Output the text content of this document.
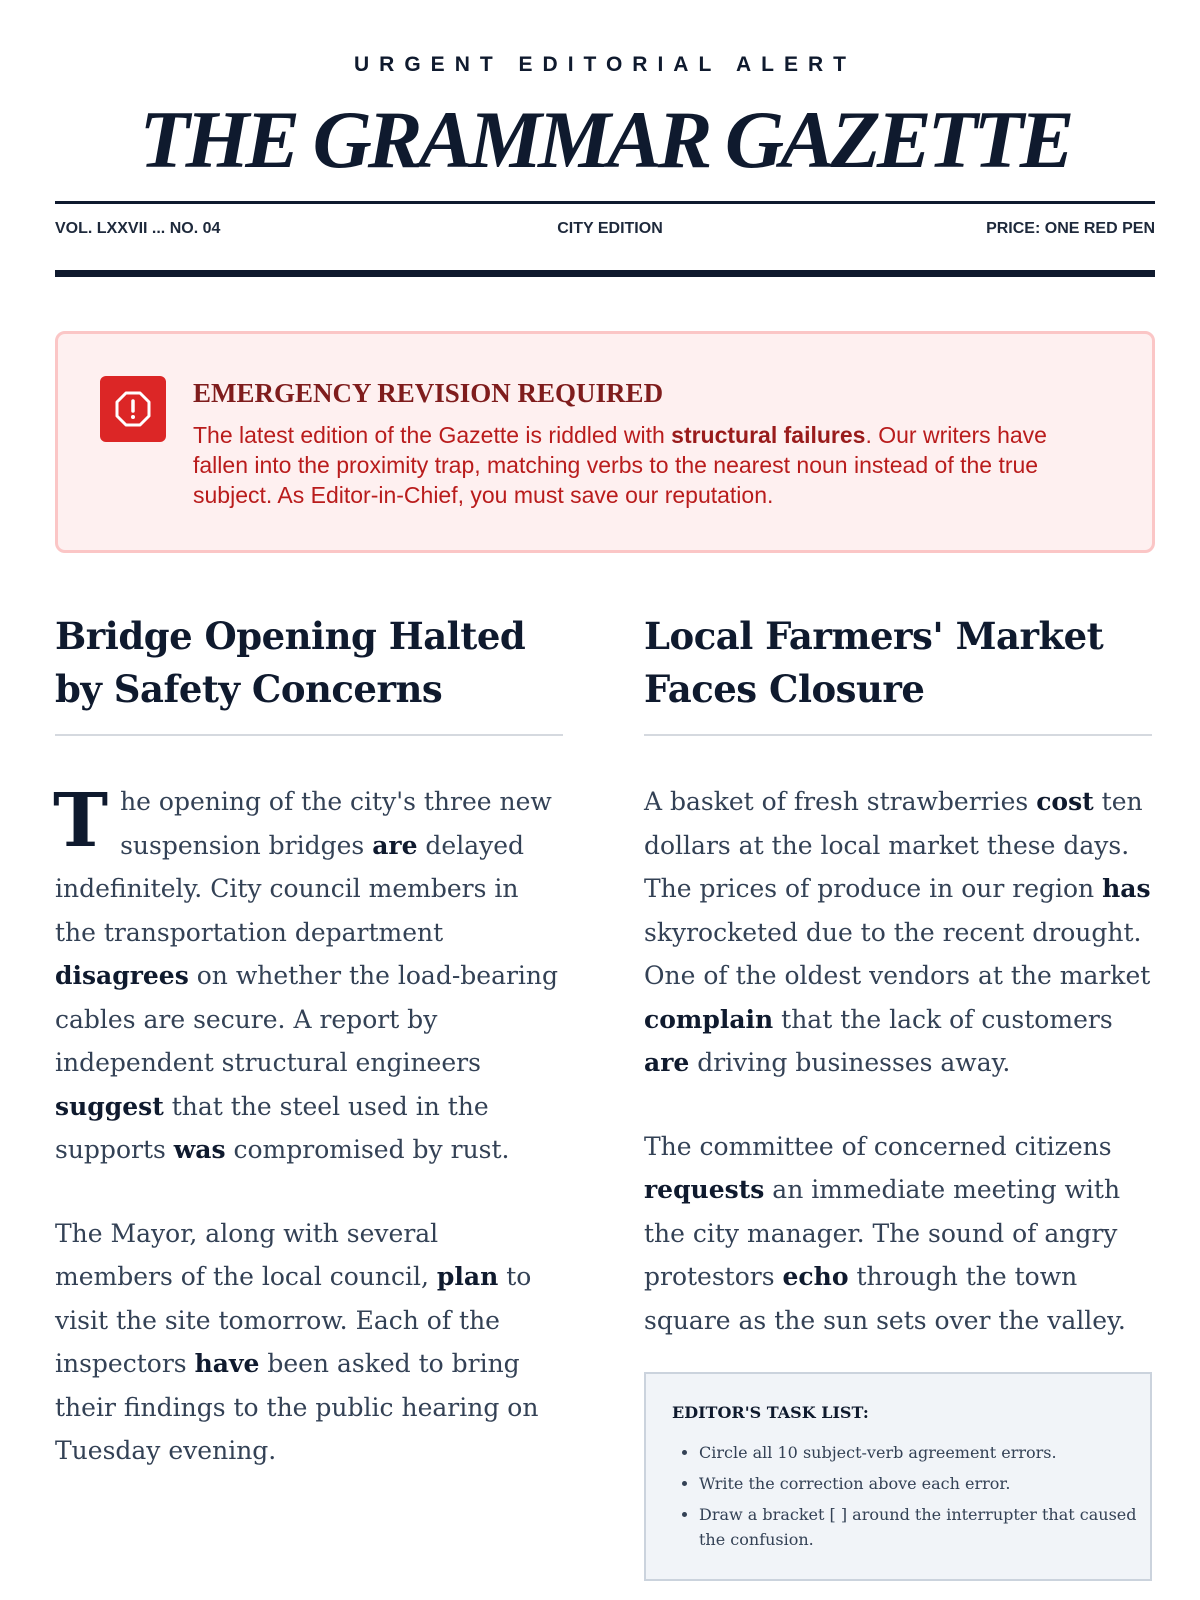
URGENT EDITORIAL ALERT
THE GRAMMAR GAZETTE
VOL. LXXVII ... NO. 04	CITY EDITION	PRICE: ONE RED PEN
EMERGENCY REVISION REQUIRED
The latest edition of the Gazette is riddled with structural failures. Our writers have fallen into the proximity trap, matching verbs to the nearest noun instead of the true subject. As Editor-in-Chief, you must save our reputation.
Bridge Opening Halted by Safety Concerns

The opening of the city's three new suspension bridges are delayed indefinitely. City council members in the transportation department disagrees on whether the load-bearing cables are secure. A report by independent structural engineers suggest that the steel used in the supports was compromised by rust.

The Mayor, along with several members of the local council, plan to visit the site tomorrow. Each of the inspectors have been asked to bring their findings to the public hearing on Tuesday evening.

Local Farmers' Market Faces Closure

A basket of fresh strawberries cost ten dollars at the local market these days. The prices of produce in our region has skyrocketed due to the recent drought. One of the oldest vendors at the market complain that the lack of customers are driving businesses away.

The committee of concerned citizens requests an immediate meeting with the city manager. The sound of angry protestors echo through the town square as the sun sets over the valley.

EDITOR'S TASK LIST:
• Circle all 10 subject-verb agreement errors.
• Write the correction above each error.
• Draw a bracket [ ] around the interrupter that caused the confusion.
